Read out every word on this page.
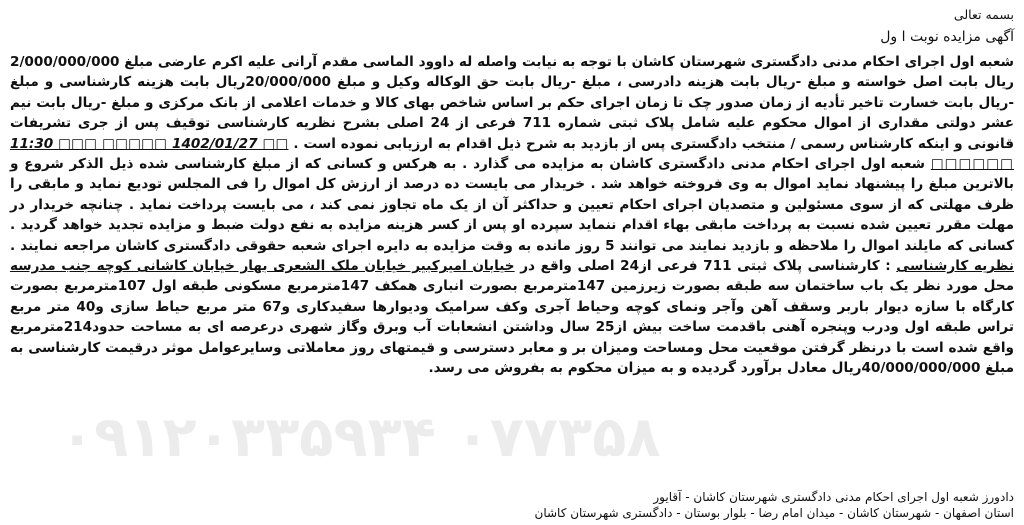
بسمه تعالی
آگهی مزایده نوبت ا ول

شعبه اول اجرای احکام مدنی دادگستری شهرستان کاشان با توجه به نیابت واصله له داوود الماسی مقدم آرانی علیه اکرم عارضی مبلغ 2/000/000/000 ریال بابت اصل خواسته و مبلغ -ریال بابت هزینه دادرسی ، مبلغ -ریال بابت حق الوکاله وکیل و مبلغ 20/000/000ریال بابت هزینه کارشناسی و مبلغ -ریال بابت خسارت تاخیر تأدیه از زمان صدور چک تا زمان اجرای حکم بر اساس شاخص بهای کالا و خدمات اعلامی از بانک مرکزی و مبلغ -ریال بابت نیم عشر دولتی مقداری از اموال محکوم علیه شامل پلاک ثبتی شماره 711 فرعی از 24 اصلی بشرح نظریه کارشناسی توقیف پس از جری تشریفات قانونی و اینکه کارشناس رسمی / منتخب دادگستری پس از بازدید به شرح ذیل اقدام به ارزیابی نموده است . 11:30 □□□ □□□□□ 1402/01/27 □□ □□□□□□ شعبه اول اجرای احکام مدنی دادگستری کاشان به مزایده می گذارد . به هرکس و کسانی که از مبلغ کارشناسی شده ذیل الذکر شروع و بالاترین مبلغ را پیشنهاد نماید اموال به وی فروخته خواهد شد . خریدار می بایست ده درصد از ارزش کل اموال را فی المجلس تودیع نماید و مابقی را ظرف مهلتی که از سوی مسئولین و متصدیان اجرای احکام تعیین و حداکثر آن از یک ماه تجاوز نمی کند ، می بایست پرداخت نماید . چنانچه خریدار در مهلت مقرر تعیین شده نسبت به پرداخت مابقی بهاء اقدام ننماید سپرده او پس از کسر هزینه مزایده به نفع دولت ضبط و مزایده تجدید خواهد گردید . کسانی که مایلند اموال را ملاحظه و بازدید نمایند می توانند 5 روز مانده به وقت مزایده به دایره اجرای شعبه حقوقی دادگستری کاشان مراجعه نمایند . نظریه کارشناسی : کارشناسی پلاک ثبتی 711 فرعی از24 اصلی واقع در خیابان امیرکبیر خیابان ملک الشعری بهار خیابان کاشانی کوچه جنب مدرسه محل مورد نظر یک باب ساختمان سه طبقه بصورت زیرزمین 147مترمربع بصورت انباری همکف 147مترمربع مسکونی طبقه اول 107مترمربع بصورت کارگاه با سازه دیوار باربر وسقف آهن وآجر ونمای کوچه وحیاط آجری وکف سرامیک ودیوارها سفیدکاری و67 متر مربع حیاط سازی و40 متر مربع تراس طبقه اول ودرب وپنجره آهنی باقدمت ساخت بیش از25 سال وداشتن انشعابات آب وبرق وگاز شهری درعرصه ای به مساحت حدود214مترمربع واقع شده است با درنظر گرفتن موقعیت محل ومساحت ومیزان بر و معابر دسترسی و قیمتهای روز معاملاتی وسایرعوامل موثر درقیمت کارشناسی به مبلغ 40/000/000/000ریال معادل برآورد گردیده و به میزان محکوم به بفروش می رسد.

۰۹۱۲۰۳۳۵۹۳۴ ۰۷۷۳۵۸
دادورز شعبه اول اجرای احکام مدنی دادگستری شهرستان کاشان - آقایور
استان اصفهان - شهرستان کاشان - میدان امام رضا - بلوار بوستان - دادگستری شهرستان کاشان
